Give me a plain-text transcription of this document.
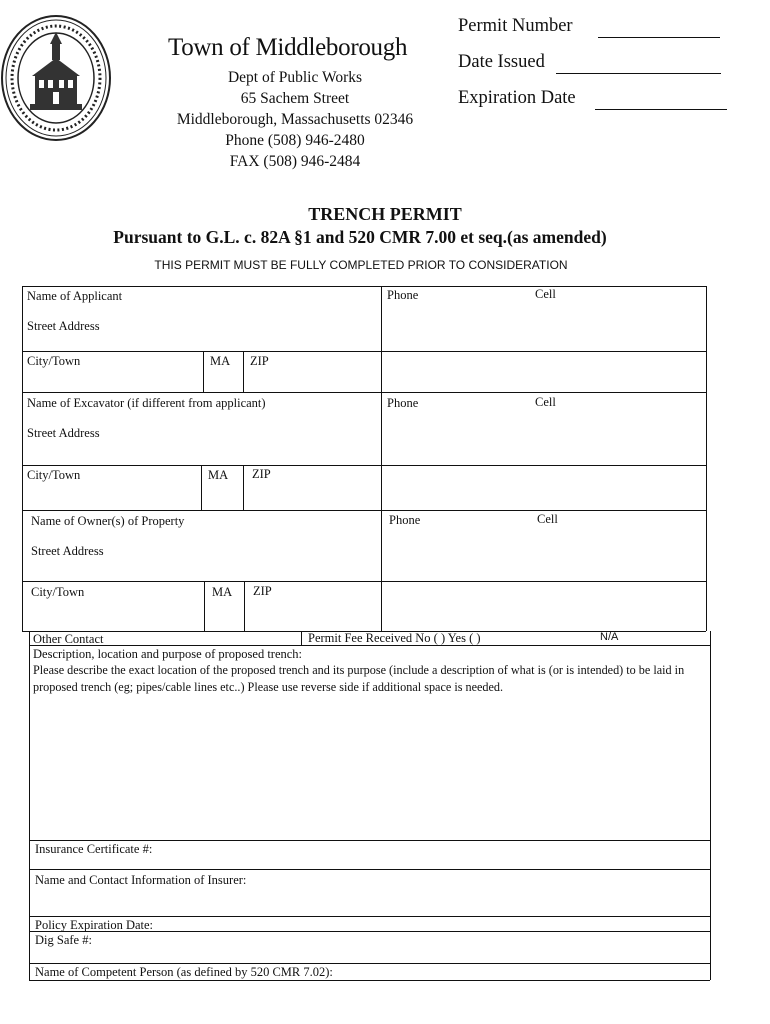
Town of Middleborough
Dept of Public Works
65 Sachem Street
Middleborough, Massachusetts 02346
Phone (508) 946-2480
FAX (508) 946-2484
Permit Number
Date Issued
Expiration Date
TRENCH PERMIT
Pursuant to G.L. c. 82A §1 and 520 CMR 7.00 et seq.(as amended)
THIS PERMIT MUST BE FULLY COMPLETED PRIOR TO CONSIDERATION
Name of Applicant
Street Address
Phone	Cell
City/Town	MA ZIP
Name of Excavator (if different from applicant)
Street Address
Phone	Cell
City/Town	MA ZIP
Name of Owner(s) of Property
Street Address
Phone	Cell
City/Town	MA ZIP
Other Contact	Permit Fee Received No ( ) Yes ( )	N/A
Description, location and purpose of proposed trench:
Please describe the exact location of the proposed trench and its purpose (include a description of what is (or is intended) to be laid in proposed trench (eg; pipes/cable lines etc..) Please use reverse side if additional space is needed.
Insurance Certificate #:
Name and Contact Information of Insurer:
Policy Expiration Date:
Dig Safe #:
Name of Competent Person (as defined by 520 CMR 7.02):
